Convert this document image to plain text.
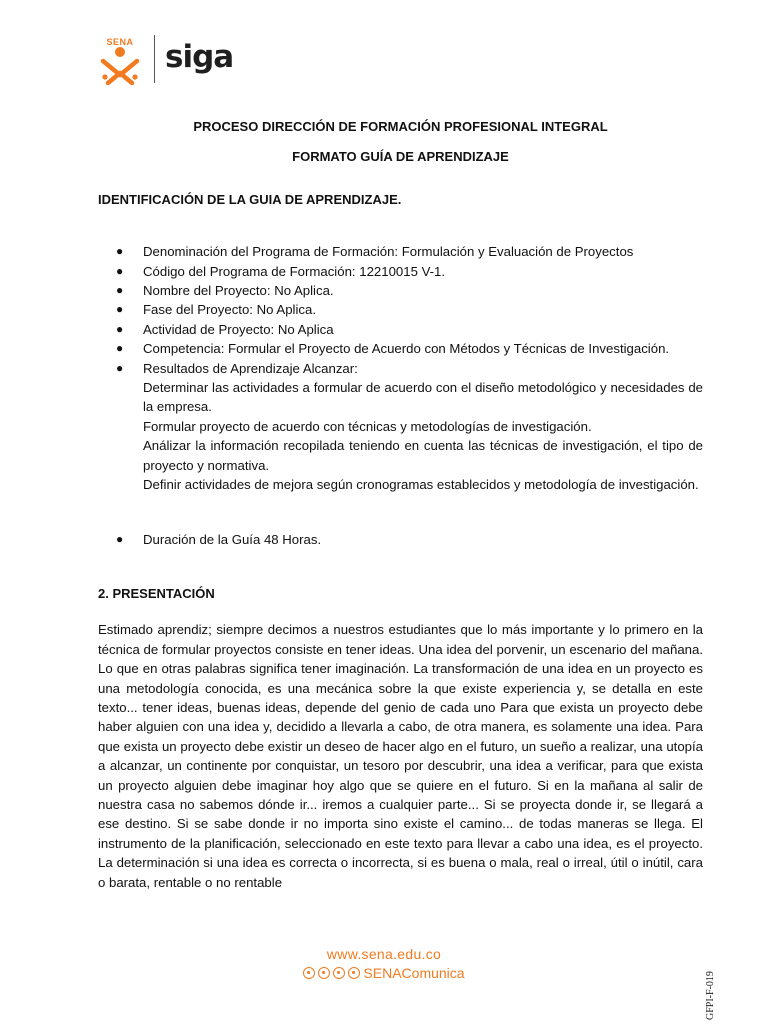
SENA	siga

PROCESO DIRECCIÓN DE FORMACIÓN PROFESIONAL INTEGRAL

FORMATO GUÍA DE APRENDIZAJE

IDENTIFICACIÓN DE LA GUIA DE APRENDIZAJE.

● Denominación del Programa de Formación: Formulación y Evaluación de Proyectos
● Código del Programa de Formación: 12210015 V-1.
● Nombre del Proyecto: No Aplica.
● Fase del Proyecto: No Aplica.
● Actividad de Proyecto: No Aplica
● Competencia: Formular el Proyecto de Acuerdo con Métodos y Técnicas de Investigación.
● Resultados de Aprendizaje Alcanzar:
Determinar las actividades a formular de acuerdo con el diseño metodológico y necesidades de la empresa.
Formular proyecto de acuerdo con técnicas y metodologías de investigación.
Análizar la información recopilada teniendo en cuenta las técnicas de investigación, el tipo de proyecto y normativa.
Definir actividades de mejora según cronogramas establecidos y metodología de investigación.
● Duración de la Guía 48 Horas.
2. PRESENTACIÓN
Estimado aprendiz; siempre decimos a nuestros estudiantes que lo más importante y lo primero en la técnica de formular proyectos consiste en tener ideas. Una idea del porvenir, un escenario del mañana. Lo que en otras palabras significa tener imaginación. La transformación de una idea en un proyecto es una metodología conocida, es una mecánica sobre la que existe experiencia y, se detalla en este texto... tener ideas, buenas ideas, depende del genio de cada uno Para que exista un proyecto debe haber alguien con una idea y, decidido a llevarla a cabo, de otra manera, es solamente una idea. Para que exista un proyecto debe existir un deseo de hacer algo en el futuro, un sueño a realizar, una utopía a alcanzar, un continente por conquistar, un tesoro por descubrir, una idea a verificar, para que exista un proyecto alguien debe imaginar hoy algo que se quiere en el futuro. Si en la mañana al salir de nuestra casa no sabemos dónde ir... iremos a cualquier parte... Si se proyecta donde ir, se llegará a ese destino. Si se sabe donde ir no importa sino existe el camino... de todas maneras se llega. El instrumento de la planificación, seleccionado en este texto para llevar a cabo una idea, es el proyecto. La determinación si una idea es correcta o incorrecta, si es buena o mala, real o irreal, útil o inútil, cara o barata, rentable o no rentable
www.sena.edu.co
SENAComunica	GFPI-F-019
